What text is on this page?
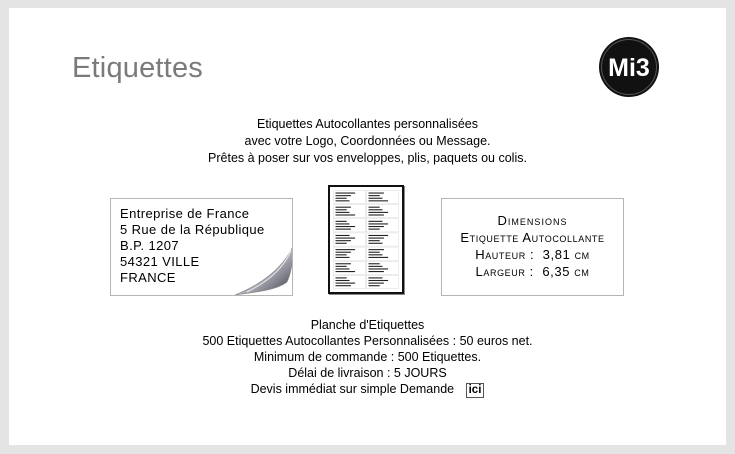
Etiquettes	Mi3
Etiquettes Autocollantes personnalisées
avec votre Logo, Coordonnées ou Message.
Prêtes à poser sur vos enveloppes, plis, paquets ou colis.
Entreprise de France
5 Rue de la République
B.P. 1207
54321 VILLE
FRANCE
Dimensions
Etiquette Autocollante
Hauteur : 3,81 cm
Largeur : 6,35 cm
Planche d'Etiquettes
500 Etiquettes Autocollantes Personnalisées : 50 euros net.
Minimum de commande : 500 Etiquettes.
Délai de livraison : 5 JOURS
Devis immédiat sur simple Demande ici
